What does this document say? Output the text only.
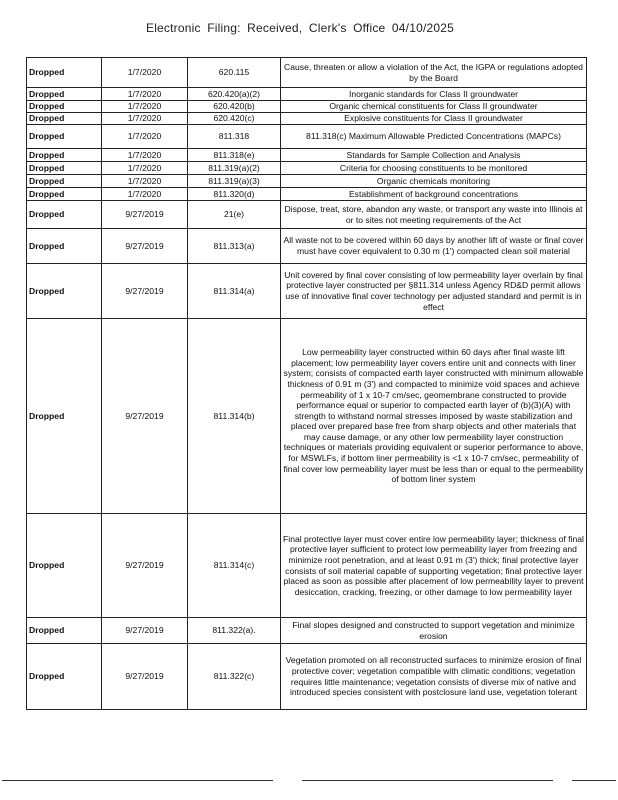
Electronic Filing: Received, Clerk's Office 04/10/2025
Dropped	1/7/2020	620.115	Cause, threaten or allow a violation of the Act, the IGPA or regulations adopted by the Board
Dropped	1/7/2020	620.420(a)(2)	Inorganic standards for Class II groundwater
Dropped	1/7/2020	620.420(b)	Organic chemical constituents for Class II groundwater
Dropped	1/7/2020	620.420(c)	Explosive constituents for Class II groundwater
Dropped	1/7/2020	811.318	811.318(c) Maximum Allowable Predicted Concentrations (MAPCs)
Dropped	1/7/2020	811.318(e)	Standards for Sample Collection and Analysis
Dropped	1/7/2020	811.319(a)(2)	Criteria for choosing constituents to be monitored
Dropped	1/7/2020	811.319(a)(3)	Organic chemicals monitoring
Dropped	1/7/2020	811.320(d)	Establishment of background concentrations
Dropped	9/27/2019	21(e)	Dispose, treat, store, abandon any waste, or transport any waste into Illinois at or to sites not meeting requirements of the Act
Dropped	9/27/2019	811.313(a)	All waste not to be covered within 60 days by another lift of waste or final cover must have cover equivalent to 0.30 m (1') compacted clean soil material
Dropped	9/27/2019	811.314(a)	Unit covered by final cover consisting of low permeability layer overlain by final protective layer constructed per §811.314 unless Agency RD&D permit allows use of innovative final cover technology per adjusted standard and permit is in effect
Dropped	9/27/2019	811.314(b)	Low permeability layer constructed within 60 days after final waste lift placement; low permeability layer covers entire unit and connects with liner system; consists of compacted earth layer constructed with minimum allowable thickness of 0.91 m (3') and compacted to minimize void spaces and achieve permeability of 1 x 10-7 cm/sec, geomembrane constructed to provide performance equal or superior to compacted earth layer of (b)(3)(A) with strength to withstand normal stresses imposed by waste stabilization and placed over prepared base free from sharp objects and other materials that may cause damage, or any other low permeability layer construction techniques or materials providing equivalent or superior performance to above, for MSWLFs, if bottom liner permeability is <1 x 10-7 cm/sec, permeability of final cover low permeability layer must be less than or equal to the permeability of bottom liner system
Dropped	9/27/2019	811.314(c)	Final protective layer must cover entire low permeability layer; thickness of final protective layer sufficient to protect low permeability layer from freezing and minimize root penetration, and at least 0.91 m (3') thick; final protective layer consists of soil material capable of supporting vegetation; final protective layer placed as soon as possible after placement of low permeability layer to prevent desiccation, cracking, freezing, or other damage to low permeability layer
Dropped	9/27/2019	811.322(a).	Final slopes designed and constructed to support vegetation and minimize erosion
Dropped	9/27/2019	811.322(c)	Vegetation promoted on all reconstructed surfaces to minimize erosion of final protective cover; vegetation compatible with climatic conditions; vegetation requires little maintenance; vegetation consists of diverse mix of native and introduced species consistent with postclosure land use, vegetation tolerant
